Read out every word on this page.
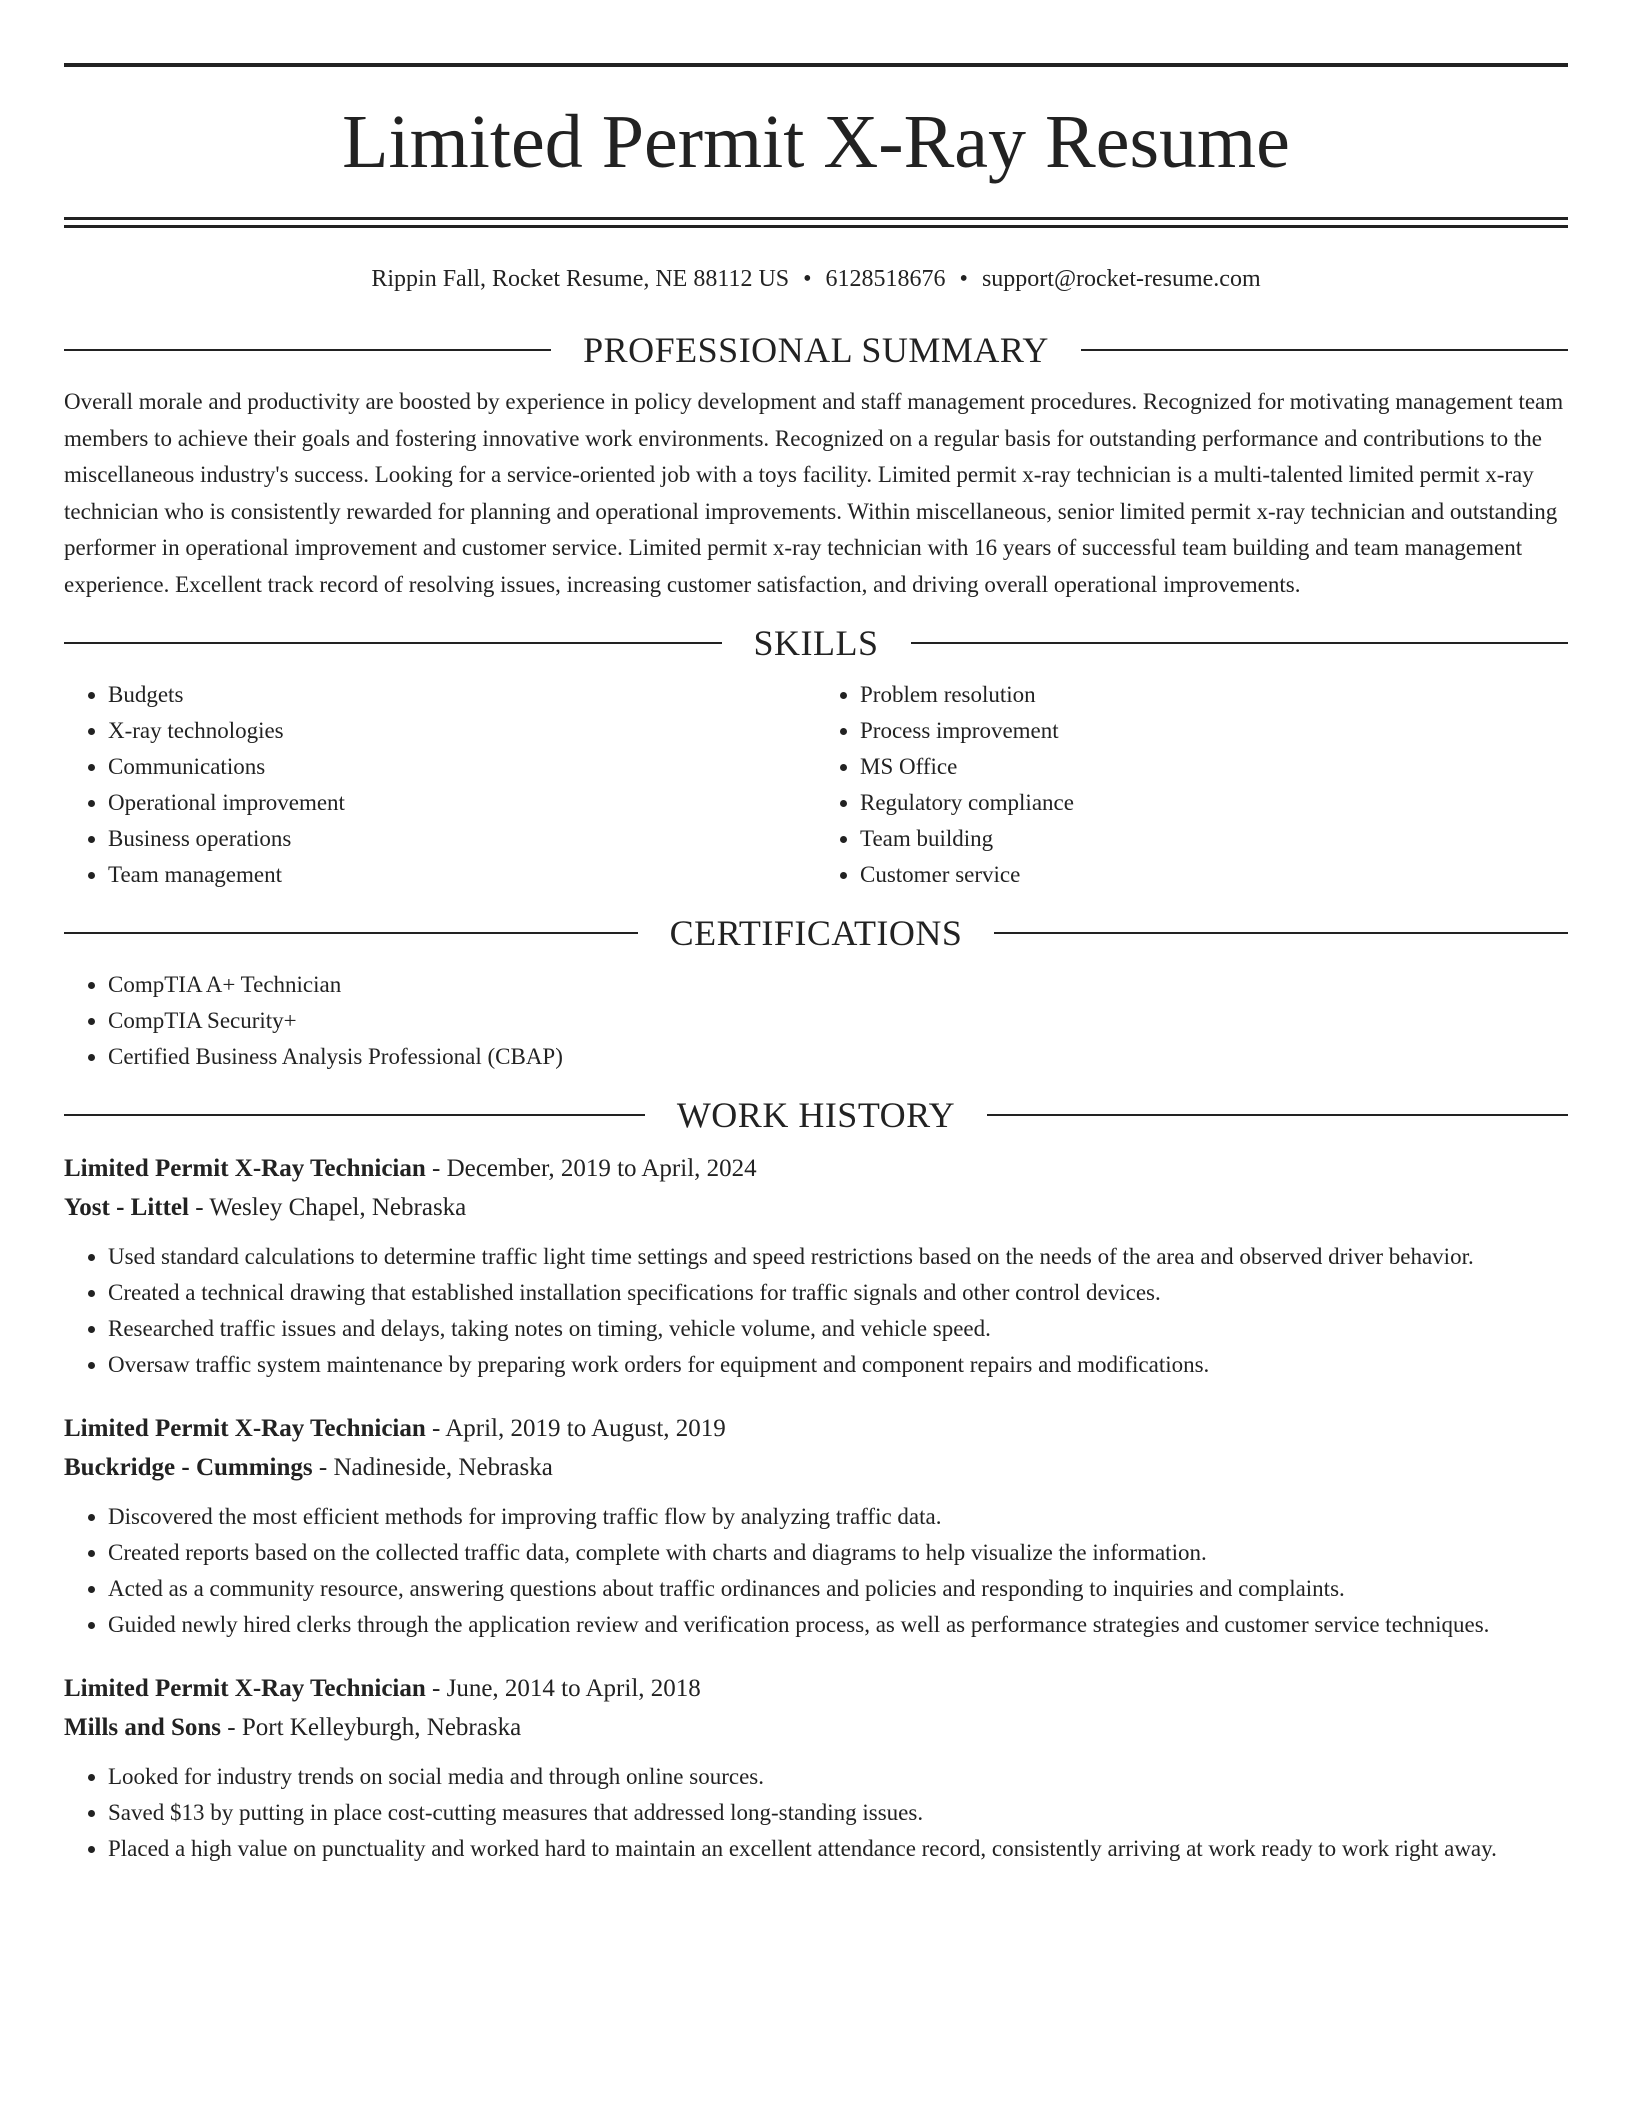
Limited Permit X-Ray Resume
Rippin Fall, Rocket Resume, NE 88112 US • 6128518676 • support@rocket-resume.com
PROFESSIONAL SUMMARY

Overall morale and productivity are boosted by experience in policy development and staff management procedures. Recognized for motivating management team members to achieve their goals and fostering innovative work environments. Recognized on a regular basis for outstanding performance and contributions to the miscellaneous industry's success. Looking for a service-oriented job with a toys facility. Limited permit x-ray technician is a multi-talented limited permit x-ray technician who is consistently rewarded for planning and operational improvements. Within miscellaneous, senior limited permit x-ray technician and outstanding performer in operational improvement and customer service. Limited permit x-ray technician with 16 years of successful team building and team management experience. Excellent track record of resolving issues, increasing customer satisfaction, and driving overall operational improvements.

SKILLS
• Budgets
• X-ray technologies
• Communications
• Operational improvement
• Business operations
• Team management
• Problem resolution
• Process improvement
• MS Office
• Regulatory compliance
• Team building
• Customer service
CERTIFICATIONS
• CompTIA A+ Technician
• CompTIA Security+
• Certified Business Analysis Professional (CBAP)
WORK HISTORY
Limited Permit X-Ray Technician - December, 2019 to April, 2024
Yost - Littel - Wesley Chapel, Nebraska
• Used standard calculations to determine traffic light time settings and speed restrictions based on the needs of the area and observed driver behavior.
• Created a technical drawing that established installation specifications for traffic signals and other control devices.
• Researched traffic issues and delays, taking notes on timing, vehicle volume, and vehicle speed.
• Oversaw traffic system maintenance by preparing work orders for equipment and component repairs and modifications.
Limited Permit X-Ray Technician - April, 2019 to August, 2019
Buckridge - Cummings - Nadineside, Nebraska
• Discovered the most efficient methods for improving traffic flow by analyzing traffic data.
• Created reports based on the collected traffic data, complete with charts and diagrams to help visualize the information.
• Acted as a community resource, answering questions about traffic ordinances and policies and responding to inquiries and complaints.
• Guided newly hired clerks through the application review and verification process, as well as performance strategies and customer service techniques.
Limited Permit X-Ray Technician - June, 2014 to April, 2018
Mills and Sons - Port Kelleyburgh, Nebraska
• Looked for industry trends on social media and through online sources.
• Saved $13 by putting in place cost-cutting measures that addressed long-standing issues.
• Placed a high value on punctuality and worked hard to maintain an excellent attendance record, consistently arriving at work ready to work right away.
